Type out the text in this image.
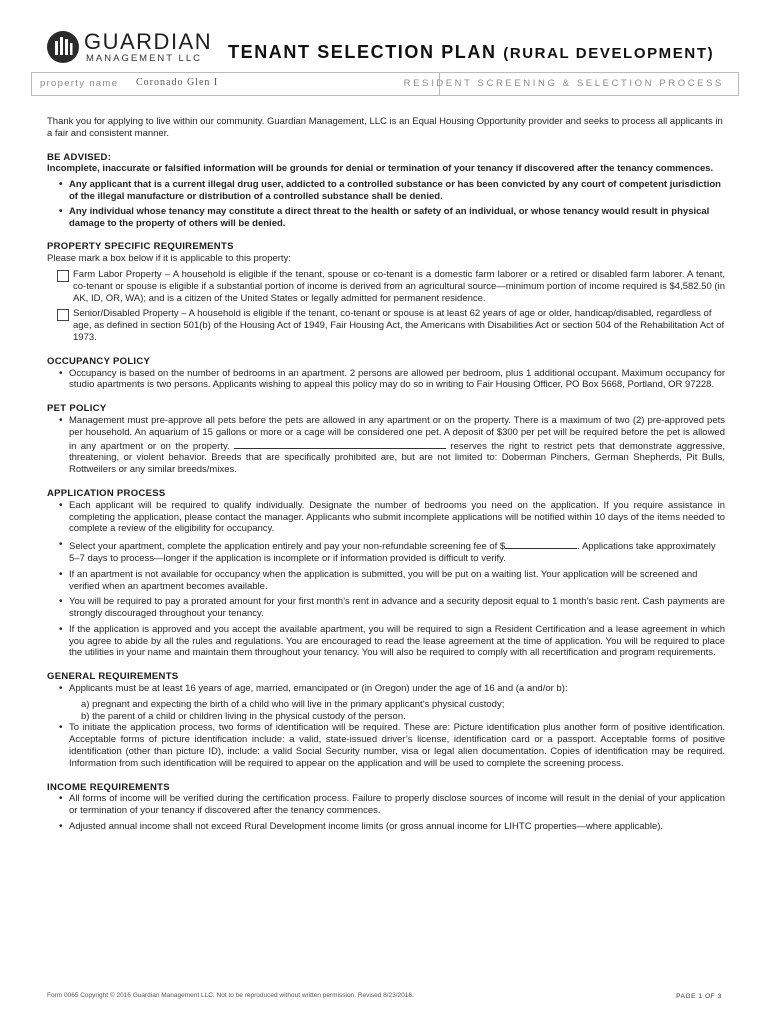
GUARDIAN
MANAGEMENT LLC TENANT SELECTION PLAN (RURAL DEVELOPMENT)
property name Coronado Glen I	RESIDENT SCREENING & SELECTION PROCESS

Thank you for applying to live within our community. Guardian Management, LLC is an Equal Housing Opportunity provider and seeks to process all applicants in a fair and consistent manner.

BE ADVISED:

Incomplete, inaccurate or falsified information will be grounds for denial or termination of your tenancy if discovered after the tenancy commences.

• Any applicant that is a current illegal drug user, addicted to a controlled substance or has been convicted by any court of competent jurisdiction of the illegal manufacture or distribution of a controlled substance shall be denied.
• Any individual whose tenancy may constitute a direct threat to the health or safety of an individual, or whose tenancy would result in physical damage to the property of others will be denied.

PROPERTY SPECIFIC REQUIREMENTS

Please mark a box below if it is applicable to this property:

Farm Labor Property – A household is eligible if the tenant, spouse or co-tenant is a domestic farm laborer or a retired or disabled farm laborer. A tenant, co-tenant or spouse is eligible if a substantial portion of income is derived from an agricultural source—minimum portion of income required is $4,582.50 (in AK, ID, OR, WA); and is a citizen of the United States or legally admitted for permanent residence.
Senior/Disabled Property – A household is eligible if the tenant, co-tenant or spouse is at least 62 years of age or older, handicap/disabled, regardless of age, as defined in section 501(b) of the Housing Act of 1949, Fair Housing Act, the Americans with Disabilities Act or section 504 of the Rehabilitation Act of 1973.

OCCUPANCY POLICY

• Occupancy is based on the number of bedrooms in an apartment. 2 persons are allowed per bedroom, plus 1 additional occupant. Maximum occupancy for studio apartments is two persons. Applicants wishing to appeal this policy may do so in writing to Fair Housing Officer, PO Box 5668, Portland, OR 97228.

PET POLICY

• Management must pre-approve all pets before the pets are allowed in any apartment or on the property. There is a maximum of two (2) pre-approved pets per household. An aquarium of 15 gallons or more or a cage will be considered one pet. A deposit of $300 per pet will be required before the pet is allowed in any apartment or on the property.	reserves the right to restrict pets that demonstrate aggressive, threatening, or violent behavior. Breeds that are specifically prohibited are, but are not limited to: Doberman Pinchers, German Shepherds, Pit Bulls, Rottweilers or any similar breeds/mixes.

APPLICATION PROCESS

• Each applicant will be required to qualify individually. Designate the number of bedrooms you need on the application. If you require assistance in completing the application, please contact the manager. Applicants who submit incomplete applications will be notified within 10 days of the items needed to complete a review of the eligibility for occupancy.
• Select your apartment, complete the application entirely and pay your non-refundable screening fee of $	. Applications take approximately 5–7 days to process—longer if the application is incomplete or if information provided is difficult to verify.
• If an apartment is not available for occupancy when the application is submitted, you will be put on a waiting list. Your application will be screened and verified when an apartment becomes available.
• You will be required to pay a prorated amount for your first month’s rent in advance and a security deposit equal to 1 month’s basic rent. Cash payments are strongly discouraged throughout your tenancy.
• If the application is approved and you accept the available apartment, you will be required to sign a Resident Certification and a lease agreement in which you agree to abide by all the rules and regulations. You are encouraged to read the lease agreement at the time of application. You will be required to place the utilities in your name and maintain them throughout your tenancy. You will also be required to comply with all recertification and program requirements.

GENERAL REQUIREMENTS

• Applicants must be at least 16 years of age, married, emancipated or (in Oregon) under the age of 16 and (a and/or b):

a) pregnant and expecting the birth of a child who will live in the primary applicant’s physical custody;

b) the parent of a child or children living in the physical custody of the person.

• To initiate the application process, two forms of identification will be required. These are: Picture identification plus another form of positive identification. Acceptable forms of picture identification include: a valid, state-issued driver’s license, identification card or a passport. Acceptable forms of positive identification (other than picture ID), include: a valid Social Security number, visa or legal alien documentation. Copies of identification may be required. Information from such identification will be required to appear on the application and will be used to complete the screening process.

INCOME REQUIREMENTS

• All forms of income will be verified during the certification process. Failure to properly disclose sources of income will result in the denial of your application or termination of your tenancy if discovered after the tenancy commences.
• Adjusted annual income shall not exceed Rural Development income limits (or gross annual income for LIHTC properties—where applicable).
Form 0065 Copyright © 2016 Guardian Management LLC. Not to be reproduced without written permission. Revised 8/23/2016.	PAGE 1 OF 3
